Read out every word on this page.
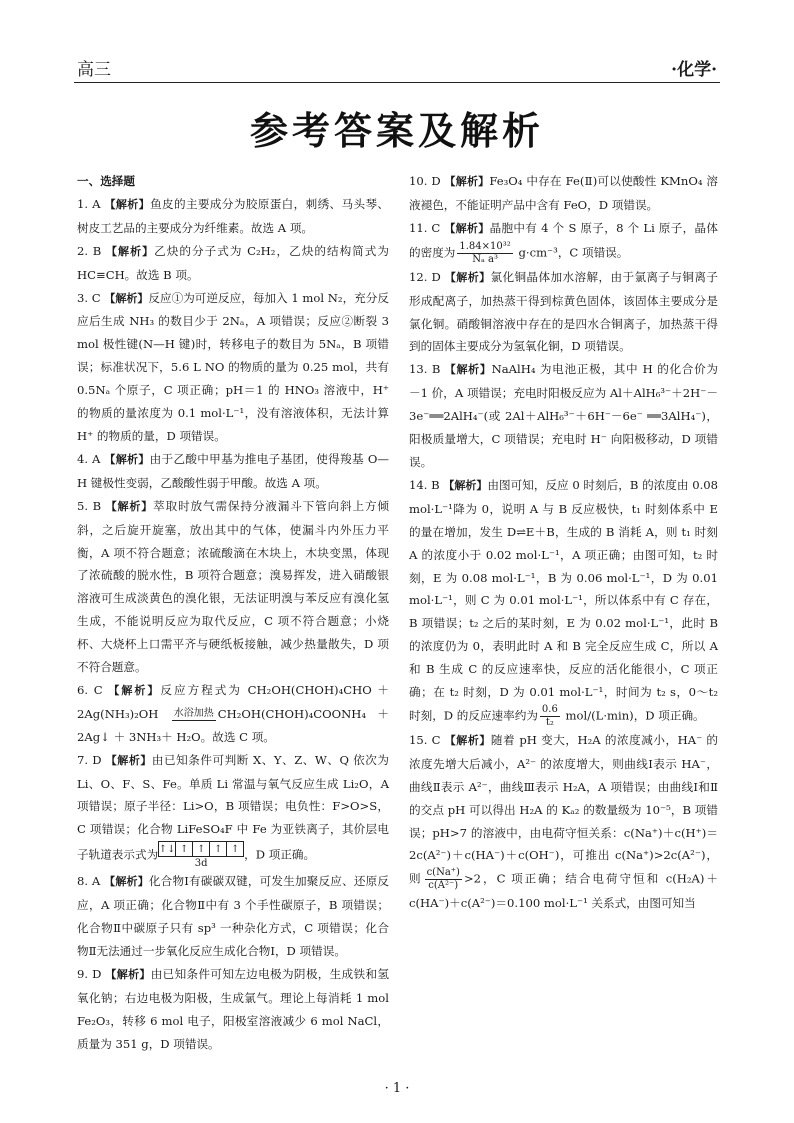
高三	·化学·
参考答案及解析

一、选择题

1. A 【解析】鱼皮的主要成分为胶原蛋白，刺绣、马头琴、树皮工艺品的主要成分为纤维素。故选 A 项。

2. B 【解析】乙炔的分子式为 C₂H₂，乙炔的结构简式为 HC≡CH。故选 B 项。

3. C 【解析】反应①为可逆反应，每加入 1 mol N₂，充分反应后生成 NH₃ 的数目少于 2Nₐ，A 项错误；反应②断裂 3 mol 极性键(N—H 键)时，转移电子的数目为 5Nₐ，B 项错误；标准状况下，5.6 L NO 的物质的量为 0.25 mol，共有 0.5Nₐ 个原子，C 项正确；pH＝1 的 HNO₃ 溶液中，H⁺ 的物质的量浓度为 0.1 mol·L⁻¹，没有溶液体积，无法计算 H⁺ 的物质的量，D 项错误。

4. A 【解析】由于乙酸中甲基为推电子基团，使得羧基 O—H 键极性变弱，乙酸酸性弱于甲酸。故选 A 项。

5. B 【解析】萃取时放气需保持分液漏斗下管向斜上方倾斜，之后旋开旋塞，放出其中的气体，使漏斗内外压力平衡，A 项不符合题意；浓硫酸滴在木块上，木块变黑，体现了浓硫酸的脱水性，B 项符合题意；溴易挥发，进入硝酸银溶液可生成淡黄色的溴化银，无法证明溴与苯反应有溴化氢生成，不能说明反应为取代反应，C 项不符合题意；小烧杯、大烧杯上口需平齐与硬纸板接触，减少热量散失，D 项不符合题意。

6. C 【解析】反应方程式为 CH₂OH(CHOH)₄CHO ＋ 2Ag(NH₃)₂OH 水浴加热 CH₂OH(CHOH)₄COONH₄ ＋ 2Ag↓ ＋ 3NH₃＋ H₂O。故选 C 项。

7. D 【解析】由已知条件可判断 X、Y、Z、W、Q 依次为 Li、O、F、S、Fe。单质 Li 常温与氧气反应生成 Li₂O，A 项错误；原子半径：Li>O，B 项错误；电负性：F>O>S，C 项错误；化合物 LiFeSO₄F 中 Fe 为亚铁离子，其价层电子轨道表示式为 ↑↓ ↑ ↑ ↑ ↑
3d
，D 项正确。

8. A 【解析】化合物Ⅰ有碳碳双键，可发生加聚反应、还原反应，A 项正确；化合物Ⅱ中有 3 个手性碳原子，B 项错误；化合物Ⅱ中碳原子只有 sp³ 一种杂化方式，C 项错误；化合物Ⅱ无法通过一步氧化反应生成化合物Ⅰ，D 项错误。

9. D 【解析】由已知条件可知左边电极为阴极，生成铁和氢氧化钠；右边电极为阳极，生成氯气。理论上每消耗 1 mol Fe₂O₃，转移 6 mol 电子，阳极室溶液减少 6 mol NaCl，质量为 351 g，D 项错误。

10. D 【解析】Fe₃O₄ 中存在 Fe(Ⅱ)可以使酸性 KMnO₄ 溶液褪色，不能证明产品中含有 FeO，D 项错误。

11. C 【解析】晶胞中有 4 个 S 原子，8 个 Li 原子，晶体的密度为 $\frac{\text{1.84×10³²}}{\text{Nₐ a³}} g\cdot cm^{-3}$，C 项错误。

12. D 【解析】氯化铜晶体加水溶解，由于氯离子与铜离子形成配离子，加热蒸干得到棕黄色固体，该固体主要成分是氯化铜。硝酸铜溶液中存在的是四水合铜离子，加热蒸干得到的固体主要成分为氢氧化铜，D 项错误。

13. B 【解析】NaAlH₄ 为电池正极，其中 H 的化合价为 －1 价，A 项错误；充电时阳极反应为 Al＋AlH₆³⁻＋2H⁻－3e⁻══2AlH₄⁻(或 2Al＋AlH₆³⁻＋6H⁻－6e⁻ ══3AlH₄⁻)，阳极质量增大，C 项错误；充电时 H⁻ 向阳极移动，D 项错误。

14. B 【解析】由图可知，反应 0 时刻后，B 的浓度由 0.08 mol·L⁻¹降为 0，说明 A 与 B 反应极快，t₁ 时刻体系中 E 的量在增加，发生 D⇌E＋B，生成的 B 消耗 A，则 t₁ 时刻 A 的浓度小于 0.02 mol·L⁻¹，A 项正确；由图可知，t₂ 时刻，E 为 0.08 mol·L⁻¹，B 为 0.06 mol·L⁻¹，D 为 0.01 mol·L⁻¹，则 C 为 0.01 mol·L⁻¹，所以体系中有 C 存在，B 项错误；t₂ 之后的某时刻，E 为 0.02 mol·L⁻¹，此时 B 的浓度仍为 0，表明此时 A 和 B 完全反应生成 C，所以 A 和 B 生成 C 的反应速率快，反应的活化能很小，C 项正确；在 t₂ 时刻，D 为 0.01 mol·L⁻¹，时间为 t₂ s，0～t₂ 时刻，D 的反应速率约为 $\frac{0.6}{\text{t₂}} mol/(L\cdot\min)$，D 项正确。

15. C 【解析】随着 pH 变大，H₂A 的浓度减小，HA⁻ 的浓度先增大后减小，A²⁻ 的浓度增大，则曲线Ⅰ表示 HA⁻，曲线Ⅱ表示 A²⁻，曲线Ⅲ表示 H₂A，A 项错误；由曲线Ⅰ和Ⅱ的交点 pH 可以得出 H₂A 的 Kₐ₂ 的数量级为 10⁻⁵，B 项错误；pH>7 的溶液中，由电荷守恒关系：c(Na⁺)＋c(H⁺)＝2c(A²⁻)＋c(HA⁻)＋c(OH⁻)，可推出 c(Na⁺)>2c(A²⁻)，则 $\frac{c(Na^+)}{\text{c(A²⁻)}} >2$，C 项正确；结合电荷守恒和 c(H₂A)＋c(HA⁻)＋c(A²⁻)＝0.100 mol·L⁻¹ 关系式，由图可知当

· 1 ·
